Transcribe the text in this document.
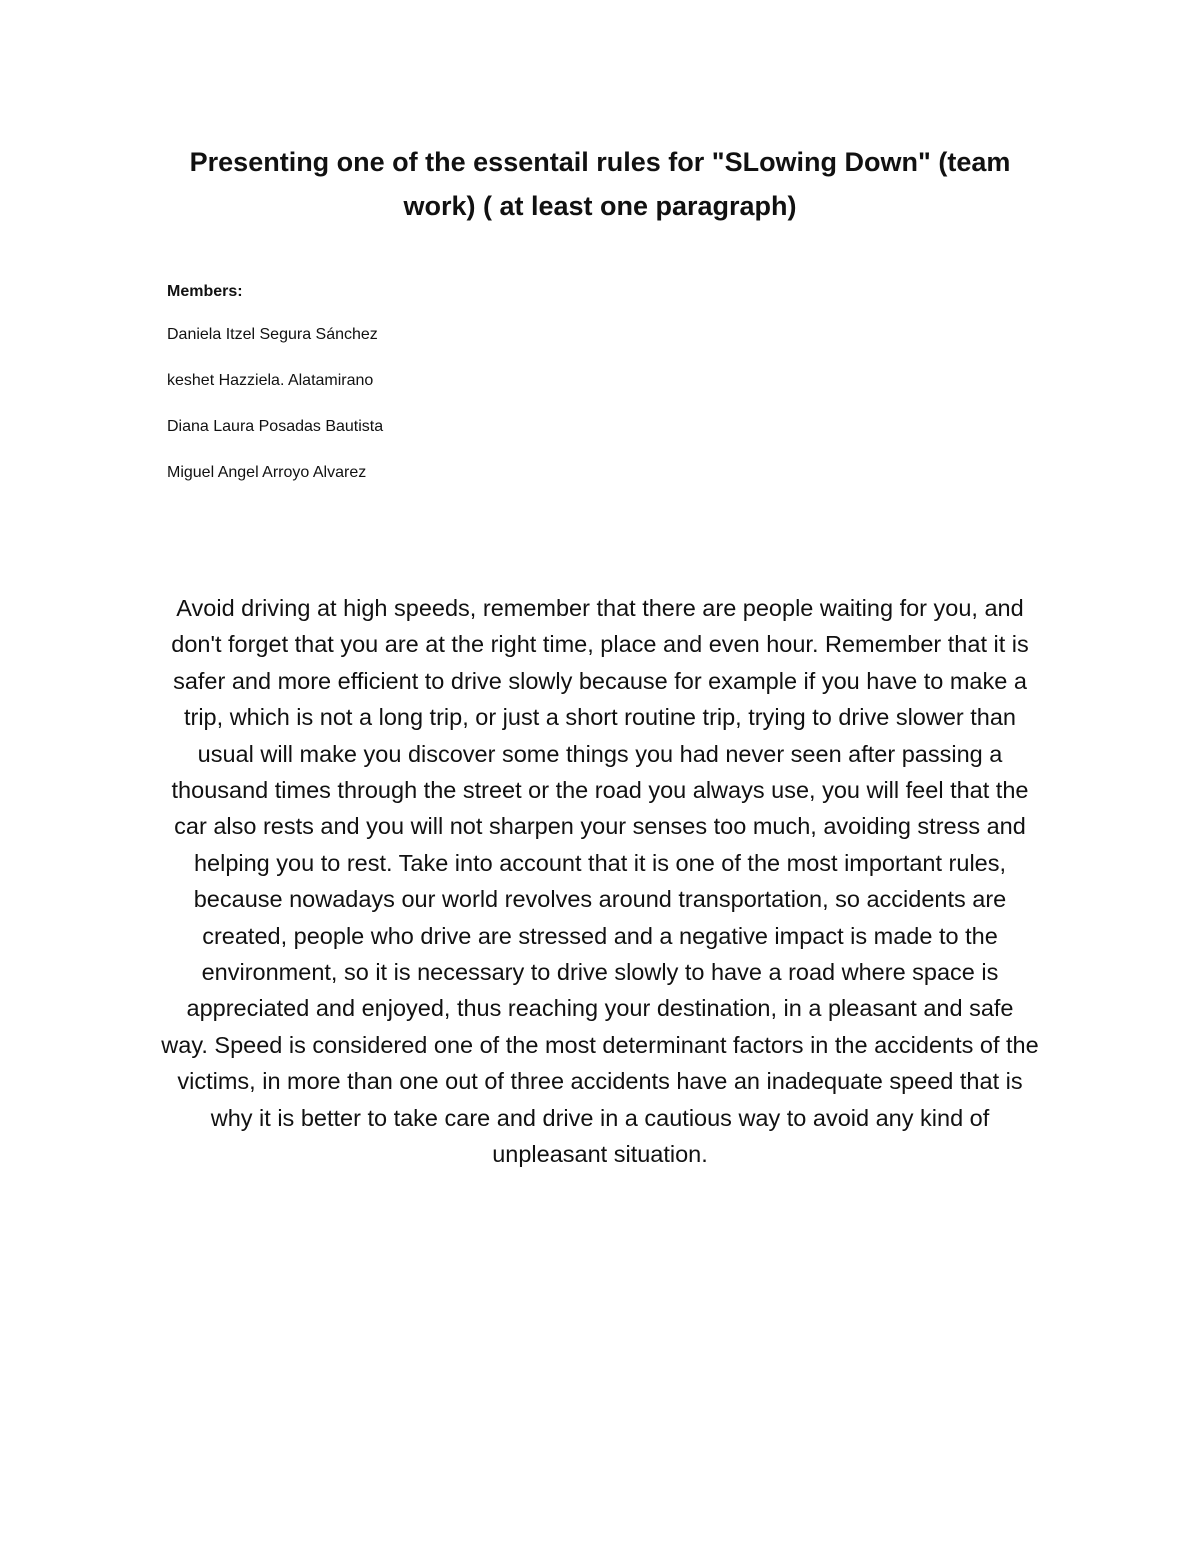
Presenting one of the essentail rules for "SLowing Down" (team work) ( at least one paragraph)

Members:

Daniela Itzel Segura Sánchez
keshet Hazziela. Alatamirano
Diana Laura Posadas Bautista
Miguel Angel Arroyo Alvarez

Avoid driving at high speeds, remember that there are people waiting for you, and don't forget that you are at the right time, place and even hour. Remember that it is safer and more efficient to drive slowly because for example if you have to make a trip, which is not a long trip, or just a short routine trip, trying to drive slower than usual will make you discover some things you had never seen after passing a thousand times through the street or the road you always use, you will feel that the car also rests and you will not sharpen your senses too much, avoiding stress and helping you to rest. Take into account that it is one of the most important rules, because nowadays our world revolves around transportation, so accidents are created, people who drive are stressed and a negative impact is made to the environment, so it is necessary to drive slowly to have a road where space is appreciated and enjoyed, thus reaching your destination, in a pleasant and safe way. Speed is considered one of the most determinant factors in the accidents of the victims, in more than one out of three accidents have an inadequate speed that is why it is better to take care and drive in a cautious way to avoid any kind of unpleasant situation.
